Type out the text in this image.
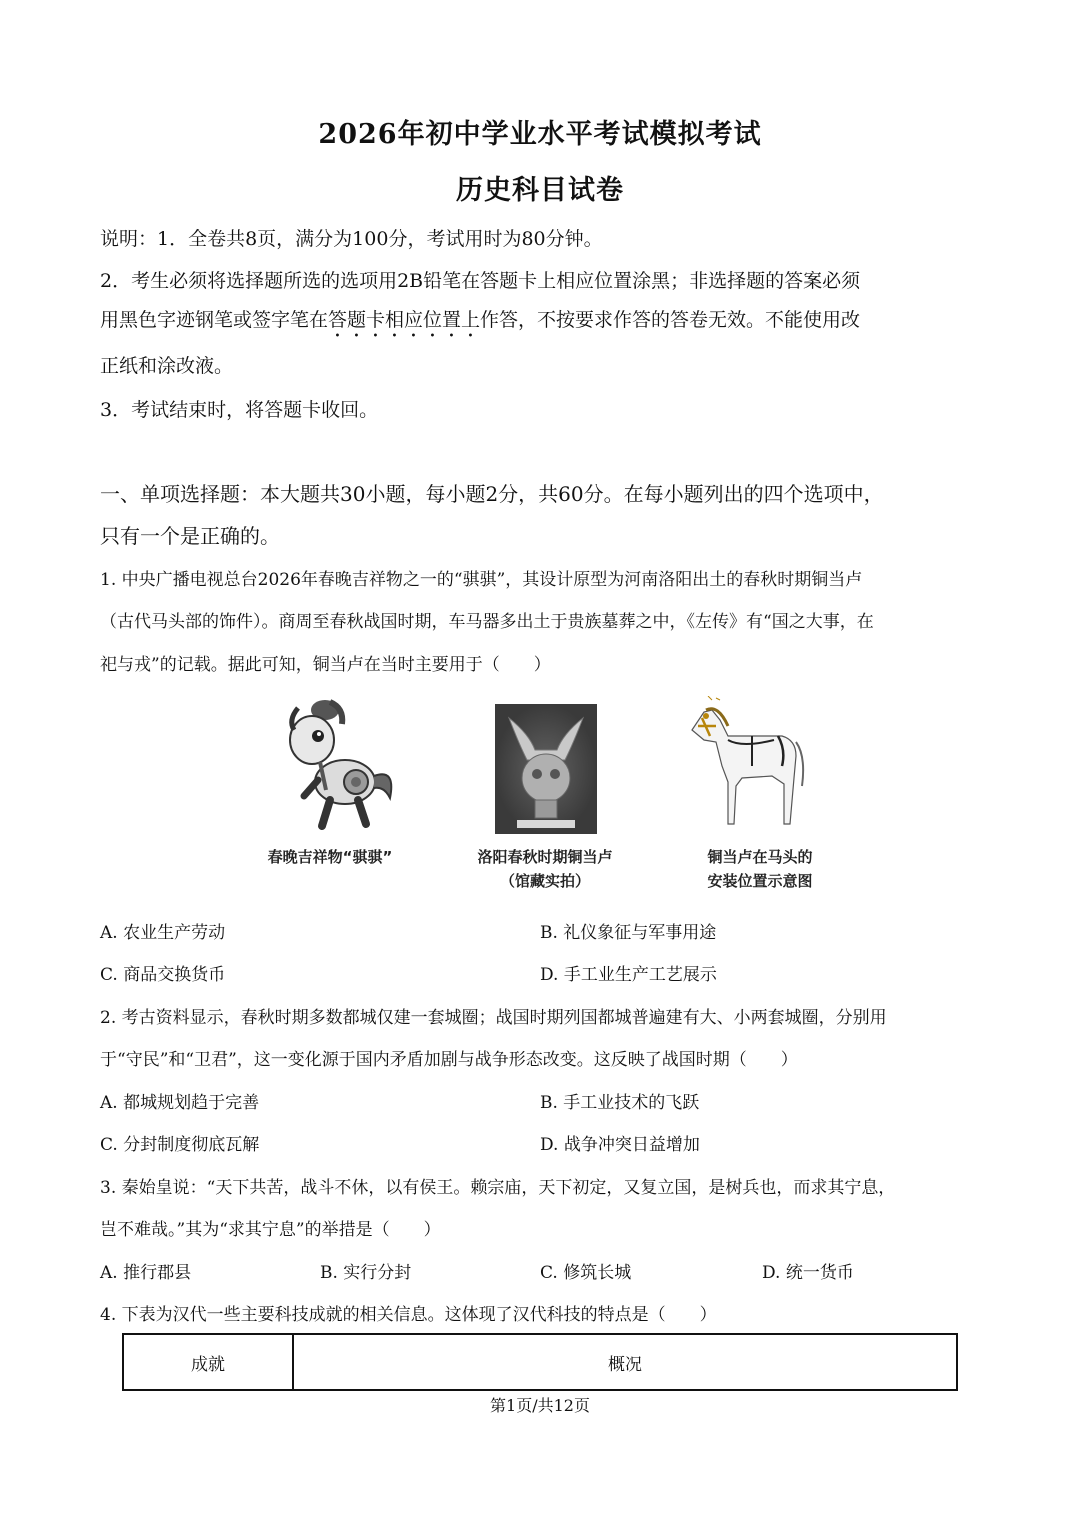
2026年初中学业水平考试模拟考试
历史科目试卷
说明：1．全卷共8页，满分为100分，考试用时为80分钟。
2．考生必须将选择题所选的选项用2B铅笔在答题卡上相应位置涂黑；非选择题的答案必须
用黑色字迹钢笔或签字笔在答题卡相应位置上作答，不按要求作答的答卷无效。不能使用改
正纸和涂改液。
3．考试结束时，将答题卡收回。
一、单项选择题：本大题共30小题，每小题2分，共60分。在每小题列出的四个选项中，
只有一个是正确的。
1. 中央广播电视总台2026年春晚吉祥物之一的“骐骐”，其设计原型为河南洛阳出土的春秋时期铜当卢
（古代马头部的饰件）。商周至春秋战国时期，车马器多出土于贵族墓葬之中，《左传》有“国之大事，在
祀与戎”的记载。据此可知，铜当卢在当时主要用于（　　）
春晚吉祥物“骐骐”	洛阳春秋时期铜当卢
（馆藏实拍）
铜当卢在马头的
安装位置示意图
A. 农业生产劳动	B. 礼仪象征与军事用途
C. 商品交换货币	D. 手工业生产工艺展示
2. 考古资料显示，春秋时期多数都城仅建一套城圈；战国时期列国都城普遍建有大、小两套城圈，分别用
于“守民”和“卫君”，这一变化源于国内矛盾加剧与战争形态改变。这反映了战国时期（　　）
A. 都城规划趋于完善	B. 手工业技术的飞跃
C. 分封制度彻底瓦解	D. 战争冲突日益增加
3. 秦始皇说：“天下共苦，战斗不休，以有侯王。赖宗庙，天下初定，又复立国，是树兵也，而求其宁息，
岂不难哉。”其为“求其宁息”的举措是（　　）
A. 推行郡县	B. 实行分封	C. 修筑长城	D. 统一货币
4. 下表为汉代一些主要科技成就的相关信息。这体现了汉代科技的特点是（　　）
成就	概况
第1页/共12页
